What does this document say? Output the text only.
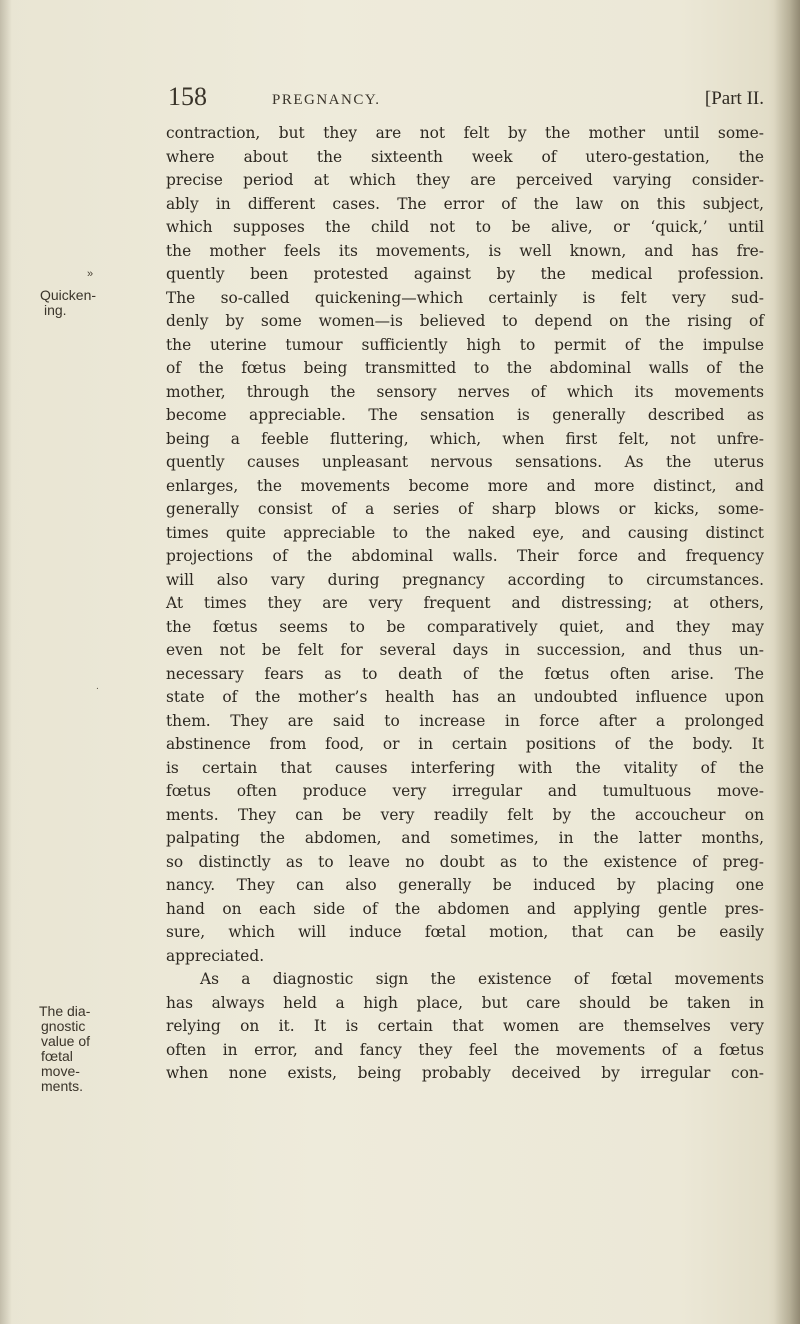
158	PREGNANCY.	[Part II.
Quicken-
ing.
»
.
The dia-
gnostic
value of
fœtal
move-
ments.
contraction, but they are not felt by the mother until some-
where about the sixteenth week of utero-gestation, the
precise period at which they are perceived varying consider-
ably in different cases. The error of the law on this subject,
which supposes the child not to be alive, or ‘quick,’ until
the mother feels its movements, is well known, and has fre-
quently been protested against by the medical profession.
The so-called quickening—which certainly is felt very sud-
denly by some women—is believed to depend on the rising of
the uterine tumour sufficiently high to permit of the impulse
of the fœtus being transmitted to the abdominal walls of the
mother, through the sensory nerves of which its movements
become appreciable. The sensation is generally described as
being a feeble fluttering, which, when first felt, not unfre-
quently causes unpleasant nervous sensations. As the uterus
enlarges, the movements become more and more distinct, and
generally consist of a series of sharp blows or kicks, some-
times quite appreciable to the naked eye, and causing distinct
projections of the abdominal walls. Their force and frequency
will also vary during pregnancy according to circumstances.
At times they are very frequent and distressing; at others,
the fœtus seems to be comparatively quiet, and they may
even not be felt for several days in succession, and thus un-
necessary fears as to death of the fœtus often arise. The
state of the mother’s health has an undoubted influence upon
them. They are said to increase in force after a prolonged
abstinence from food, or in certain positions of the body. It
is certain that causes interfering with the vitality of the
fœtus often produce very irregular and tumultuous move-
ments. They can be very readily felt by the accoucheur on
palpating the abdomen, and sometimes, in the latter months,
so distinctly as to leave no doubt as to the existence of preg-
nancy. They can also generally be induced by placing one
hand on each side of the abdomen and applying gentle pres-
sure, which will induce fœtal motion, that can be easily
appreciated.
As a diagnostic sign the existence of fœtal movements
has always held a high place, but care should be taken in
relying on it. It is certain that women are themselves very
often in error, and fancy they feel the movements of a fœtus
when none exists, being probably deceived by irregular con-
